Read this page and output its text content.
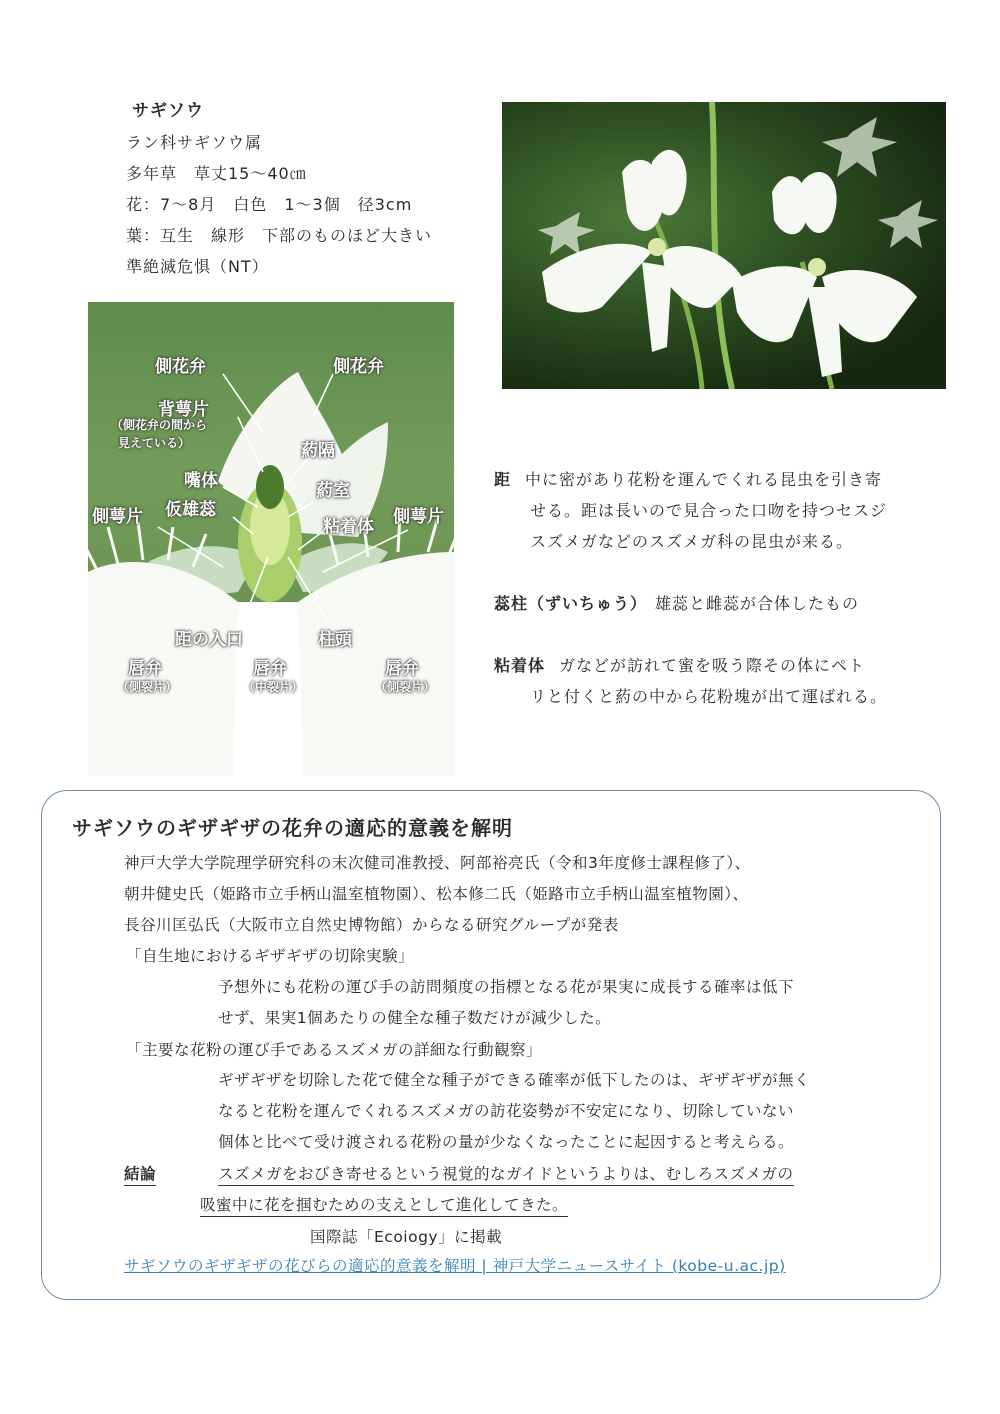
サギソウ
ラン科サギソウ属
多年草　草丈15〜40㎝
花：7〜8月　白色　1〜3個　径3cm
葉：互生　線形　下部のものほど大きい
準絶滅危惧（NT）
側花弁	側花弁
背萼片
（側花弁の間から
見えている）	葯隔
嘴体	葯室
仮雄蕊
粘着体
側萼片	側萼片
距の入口	柱頭
唇弁
（側裂片）
唇弁
（中裂片）
唇弁
（側裂片）
距 中に密があり花粉を運んでくれる昆虫を引き寄
せる。距は長いので見合った口吻を持つセスジ
スズメガなどのスズメガ科の昆虫が来る。
蕊柱（ずいちゅう） 雄蕊と雌蕊が合体したもの
粘着体 ガなどが訪れて蜜を吸う際その体にペト
リと付くと葯の中から花粉塊が出て運ばれる。
サギソウのギザギザの花弁の適応的意義を解明
神戸大学大学院理学研究科の末次健司准教授、阿部裕亮氏（令和3年度修士課程修了）、
朝井健史氏（姫路市立手柄山温室植物園）、松本修二氏（姫路市立手柄山温室植物園）、
長谷川匡弘氏（大阪市立自然史博物館）からなる研究グループが発表
「自生地におけるギザギザの切除実験」
予想外にも花粉の運び手の訪問頻度の指標となる花が果実に成長する確率は低下
せず、果実1個あたりの健全な種子数だけが減少した。
「主要な花粉の運び手であるスズメガの詳細な行動観察」
ギザギザを切除した花で健全な種子ができる確率が低下したのは、ギザギザが無く
なると花粉を運んでくれるスズメガの訪花姿勢が不安定になり、切除していない
個体と比べて受け渡される花粉の量が少なくなったことに起因すると考えらる。
結論	スズメガをおびき寄せるという視覚的なガイドというよりは、むしろスズメガの
吸蜜中に花を掴むための支えとして進化してきた。
国際誌「Ecoiogy」に掲載
サギソウのギザギザの花びらの適応的意義を解明 | 神戸大学ニュースサイト (kobe-u.ac.jp)
